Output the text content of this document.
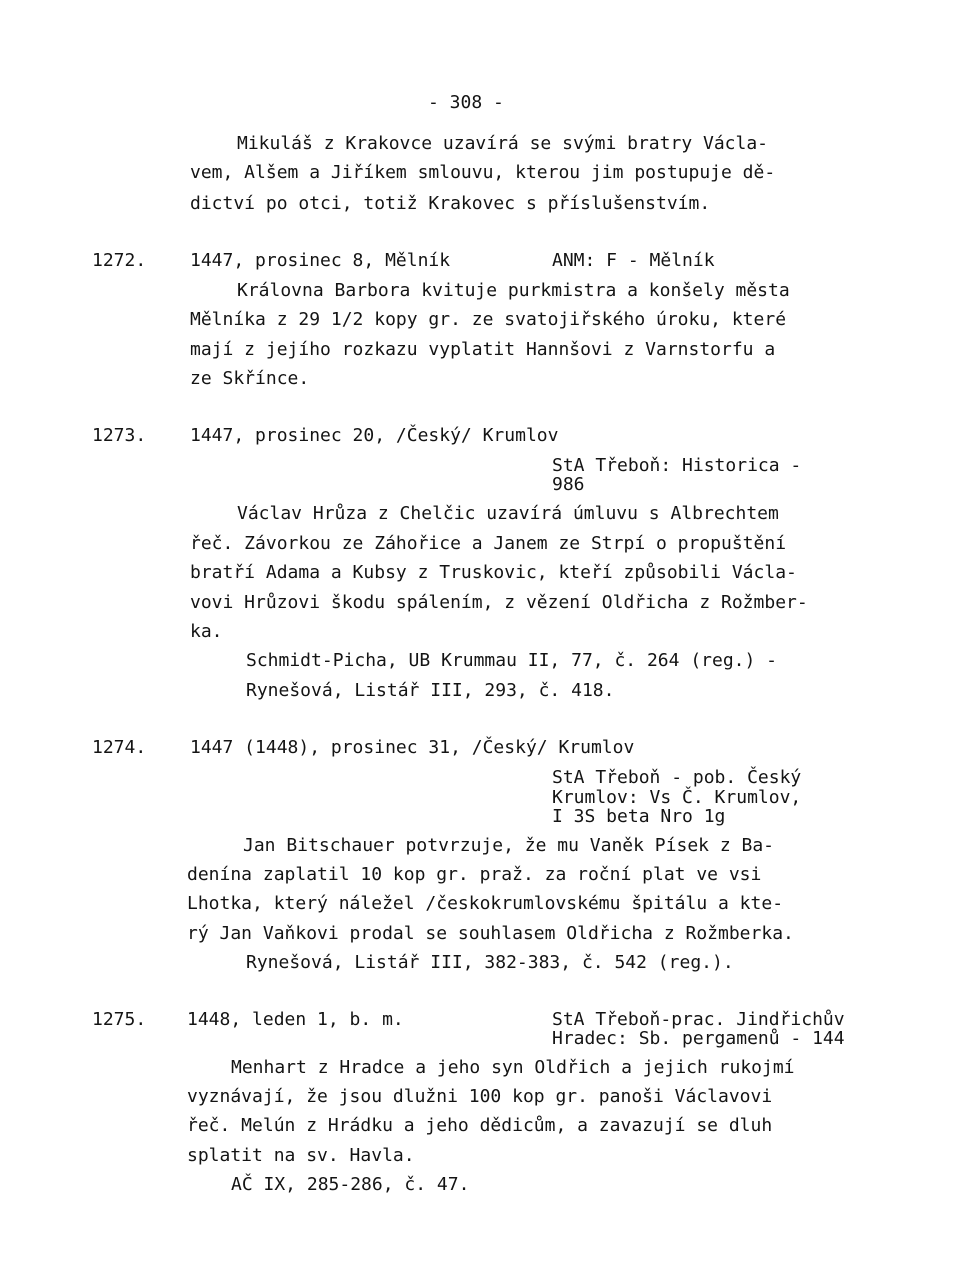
- 308 -
Mikuláš z Krakovce uzavírá se svými bratry Václa-
vem, Alšem a Jiříkem smlouvu, kterou jim postupuje dě-
dictví po otci, totiž Krakovec s příslušenstvím.
1272. 1447, prosinec 8, Mělník	ANM: F - Mělník
Královna Barbora kvituje purkmistra a konšely města
Mělníka z 29 1/2 kopy gr. ze svatojiřského úroku, které
mají z jejího rozkazu vyplatit Hannšovi z Varnstorfu a
ze Skřínce.
1273. 1447, prosinec 20, /Český/ Krumlov
StA Třeboň: Historica -
986
Václav Hrůza z Chelčic uzavírá úmluvu s Albrechtem
řeč. Závorkou ze Záhořice a Janem ze Strpí o propuštění
bratří Adama a Kubsy z Truskovic, kteří způsobili Václa-
vovi Hrůzovi škodu spálením, z vězení Oldřicha z Rožmber-
ka.
Schmidt-Picha, UB Krummau II, 77, č. 264 (reg.) -
Rynešová, Listář III, 293, č. 418.
1274. 1447 (1448), prosinec 31, /Český/ Krumlov
StA Třeboň - pob. Český
Krumlov: Vs Č. Krumlov,
I 3S beta Nro 1g
Jan Bitschauer potvrzuje, že mu Vaněk Písek z Ba-
denína zaplatil 10 kop gr. praž. za roční plat ve vsi
Lhotka, který náležel /českokrumlovskému špitálu a kte-
rý Jan Vaňkovi prodal se souhlasem Oldřicha z Rožmberka.
Rynešová, Listář III, 382-383, č. 542 (reg.).
1275. 1448, leden 1, b. m.	StA Třeboň-prac. Jindřichův
Hradec: Sb. pergamenů - 144
Menhart z Hradce a jeho syn Oldřich a jejich rukojmí
vyznávají, že jsou dlužni 100 kop gr. panoši Václavovi
řeč. Melún z Hrádku a jeho dědicům, a zavazují se dluh
splatit na sv. Havla.
AČ IX, 285-286, č. 47.
